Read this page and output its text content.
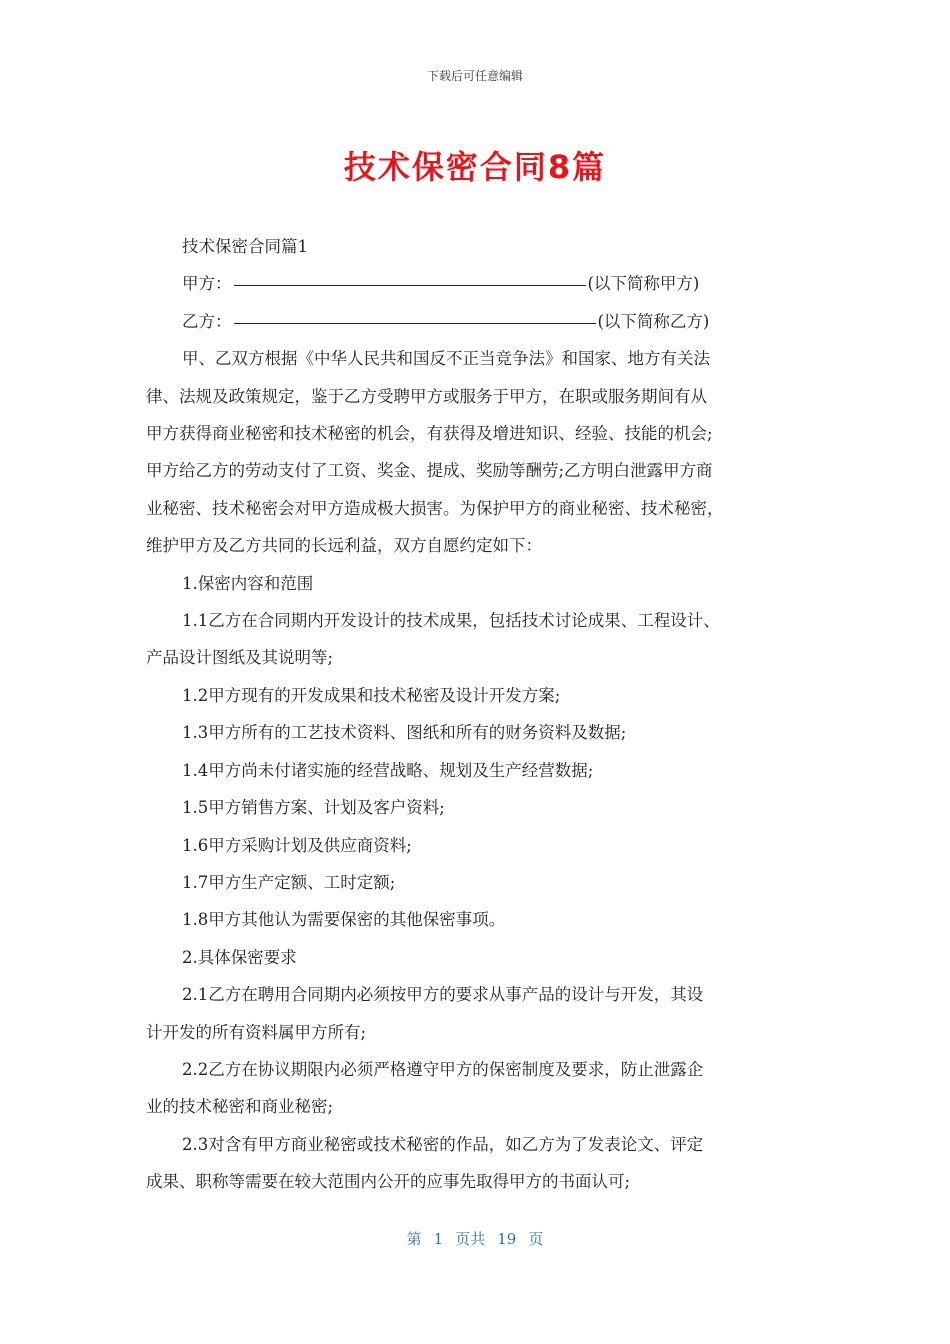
下载后可任意编辑
技术保密合同8篇

技术保密合同篇1

甲方：	(以下简称甲方)
乙方：	(以下简称乙方)

甲、乙双方根据《中华人民共和国反不正当竞争法》和国家、地方有关法

律、法规及政策规定，鉴于乙方受聘甲方或服务于甲方，在职或服务期间有从

甲方获得商业秘密和技术秘密的机会，有获得及增进知识、经验、技能的机会;

甲方给乙方的劳动支付了工资、奖金、提成、奖励等酬劳;乙方明白泄露甲方商

业秘密、技术秘密会对甲方造成极大损害。为保护甲方的商业秘密、技术秘密，

维护甲方及乙方共同的长远利益，双方自愿约定如下：

1.保密内容和范围

1.1乙方在合同期内开发设计的技术成果，包括技术讨论成果、工程设计、

产品设计图纸及其说明等;

1.2甲方现有的开发成果和技术秘密及设计开发方案;

1.3甲方所有的工艺技术资料、图纸和所有的财务资料及数据;

1.4甲方尚未付诸实施的经营战略、规划及生产经营数据;

1.5甲方销售方案、计划及客户资料;

1.6甲方采购计划及供应商资料;

1.7甲方生产定额、工时定额;

1.8甲方其他认为需要保密的其他保密事项。

2.具体保密要求

2.1乙方在聘用合同期内必须按甲方的要求从事产品的设计与开发，其设

计开发的所有资料属甲方所有;

2.2乙方在协议期限内必须严格遵守甲方的保密制度及要求，防止泄露企

业的技术秘密和商业秘密;

2.3对含有甲方商业秘密或技术秘密的作品，如乙方为了发表论文、评定

成果、职称等需要在较大范围内公开的应事先取得甲方的书面认可;

第 1 页共 19 页
